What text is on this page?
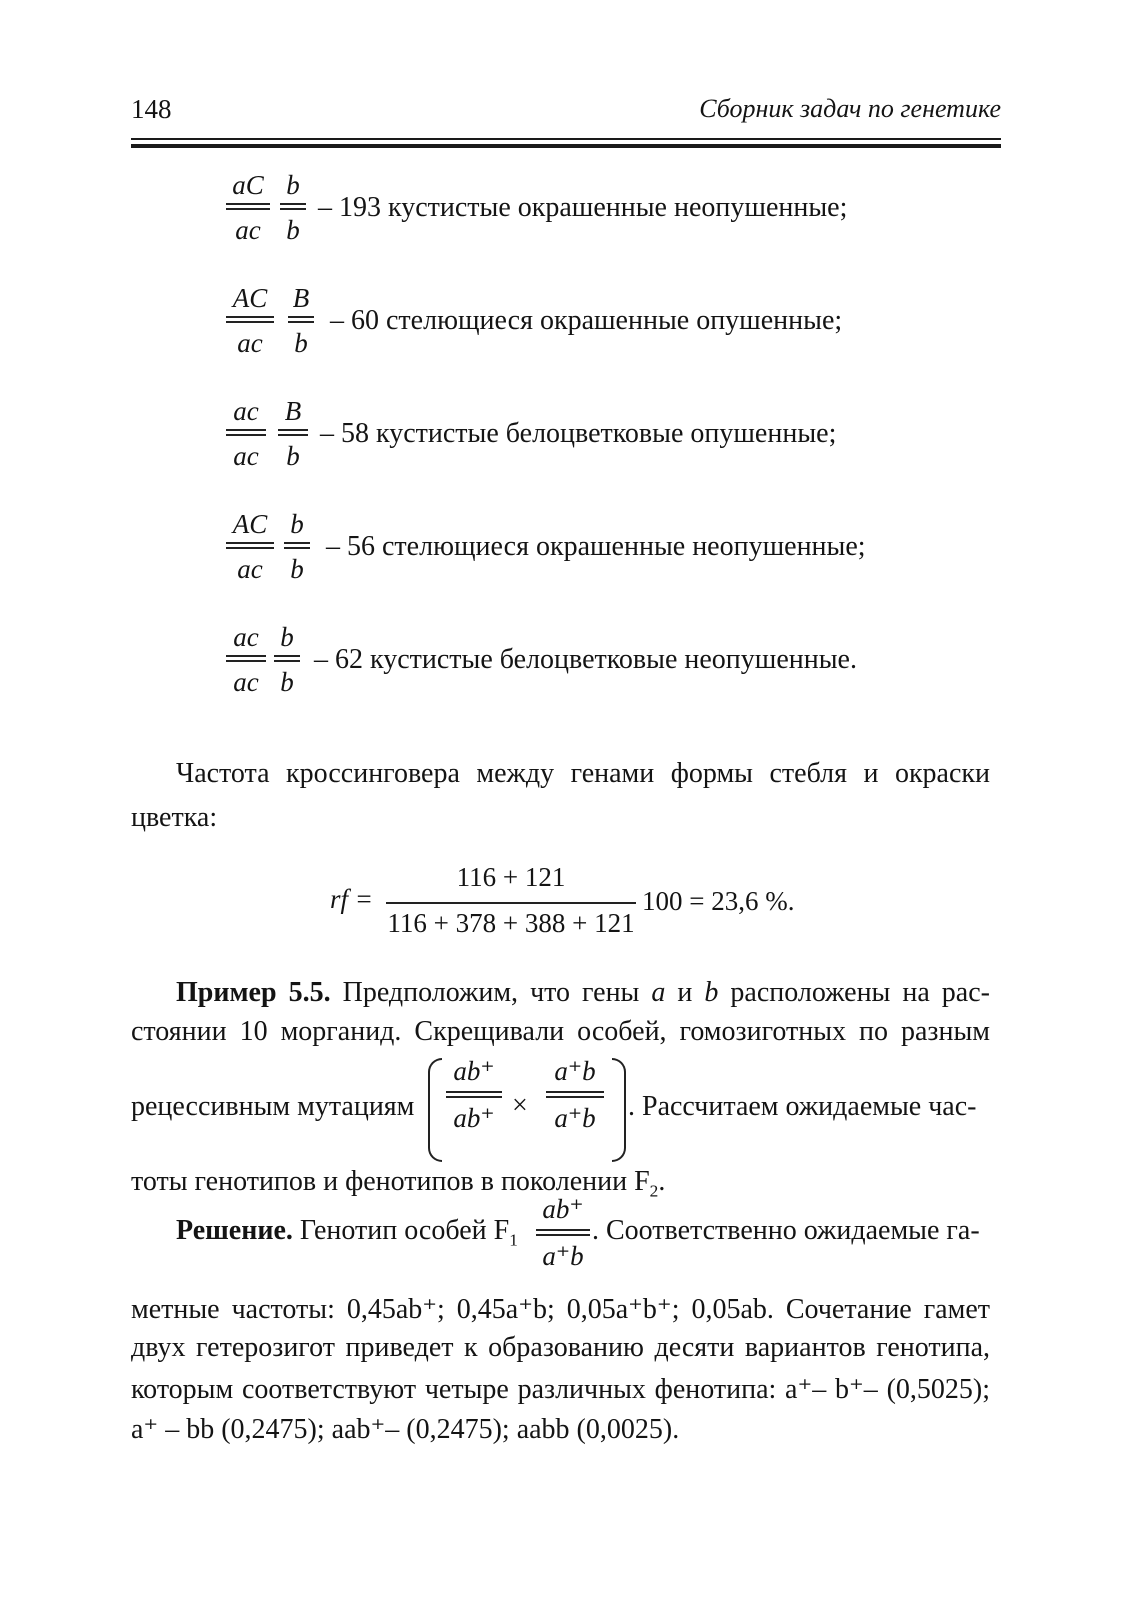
148	Сборник задач по генетике
aC
ac
b
b
– 193 кустистые окрашенные неопушенные;
AC
ac
B
b
– 60 стелющиеся окрашенные опушенные;
ac
ac
B
b
– 58 кустистые белоцветковые опушенные;
AC
ac
b
b
– 56 стелющиеся окрашенные неопушенные;
ac
ac
b
b
– 62 кустистые белоцветковые неопушенные.
Частота кроссинговера между генами формы стебля и окраски
цветка:
rf =
116 + 121
116 + 378 + 388 + 121
100 = 23,6 %.
Пример 5.5. Предположим, что гены a и b расположены на рас-
стоянии 10 морганид. Скрещивали особей, гомозиготных по разным
рецессивным мутациям
ab⁺
ab⁺ ×
a⁺b
a⁺b . Рассчитаем ожидаемые час-
тоты генотипов и фенотипов в поколении $F_2$.
Решение. Генотип особей $F_1$
ab⁺
a⁺b
. Соответственно ожидаемые га-
метные частоты: 0,45ab⁺; 0,45a⁺b; 0,05a⁺b⁺; 0,05ab. Сочетание гамет
двух гетерозигот приведет к образованию десяти вариантов генотипа,
которым соответствуют четыре различных фенотипа: a⁺– b⁺– (0,5025);
a⁺ – bb (0,2475); aab⁺– (0,2475); aabb (0,0025).
